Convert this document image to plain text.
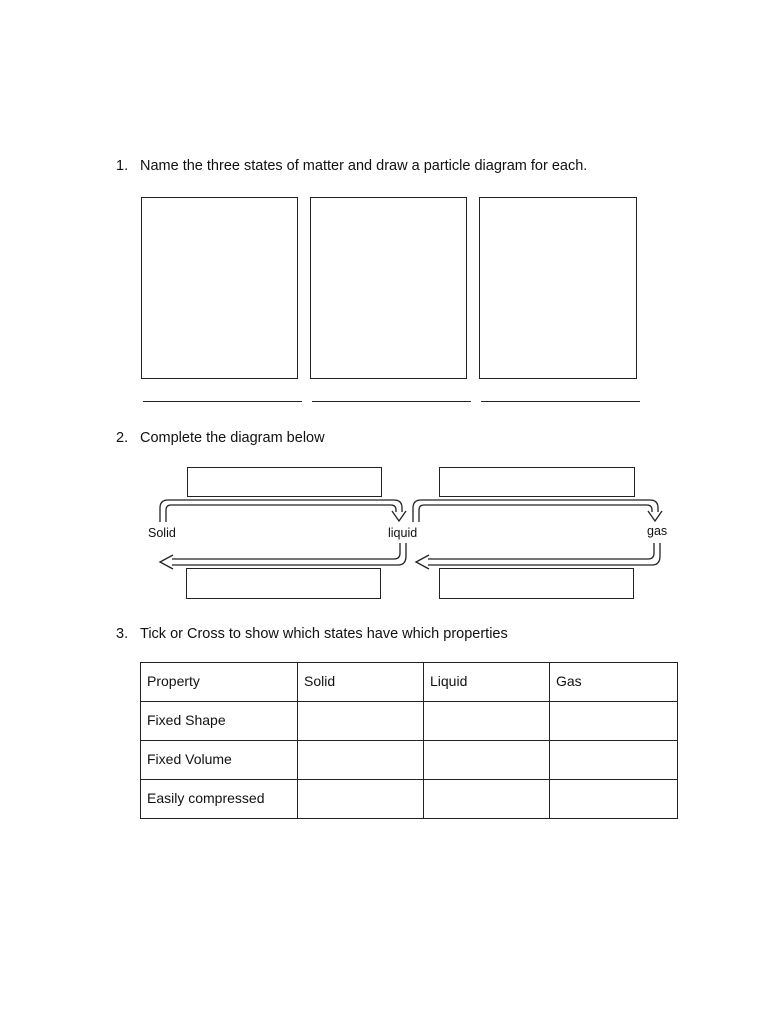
1. Name the three states of matter and draw a particle diagram for each.
2. Complete the diagram below
Solid	liquid	gas
3. Tick or Cross to show which states have which properties
Property	Solid	Liquid	Gas
Fixed Shape			
Fixed Volume			
Easily compressed			
